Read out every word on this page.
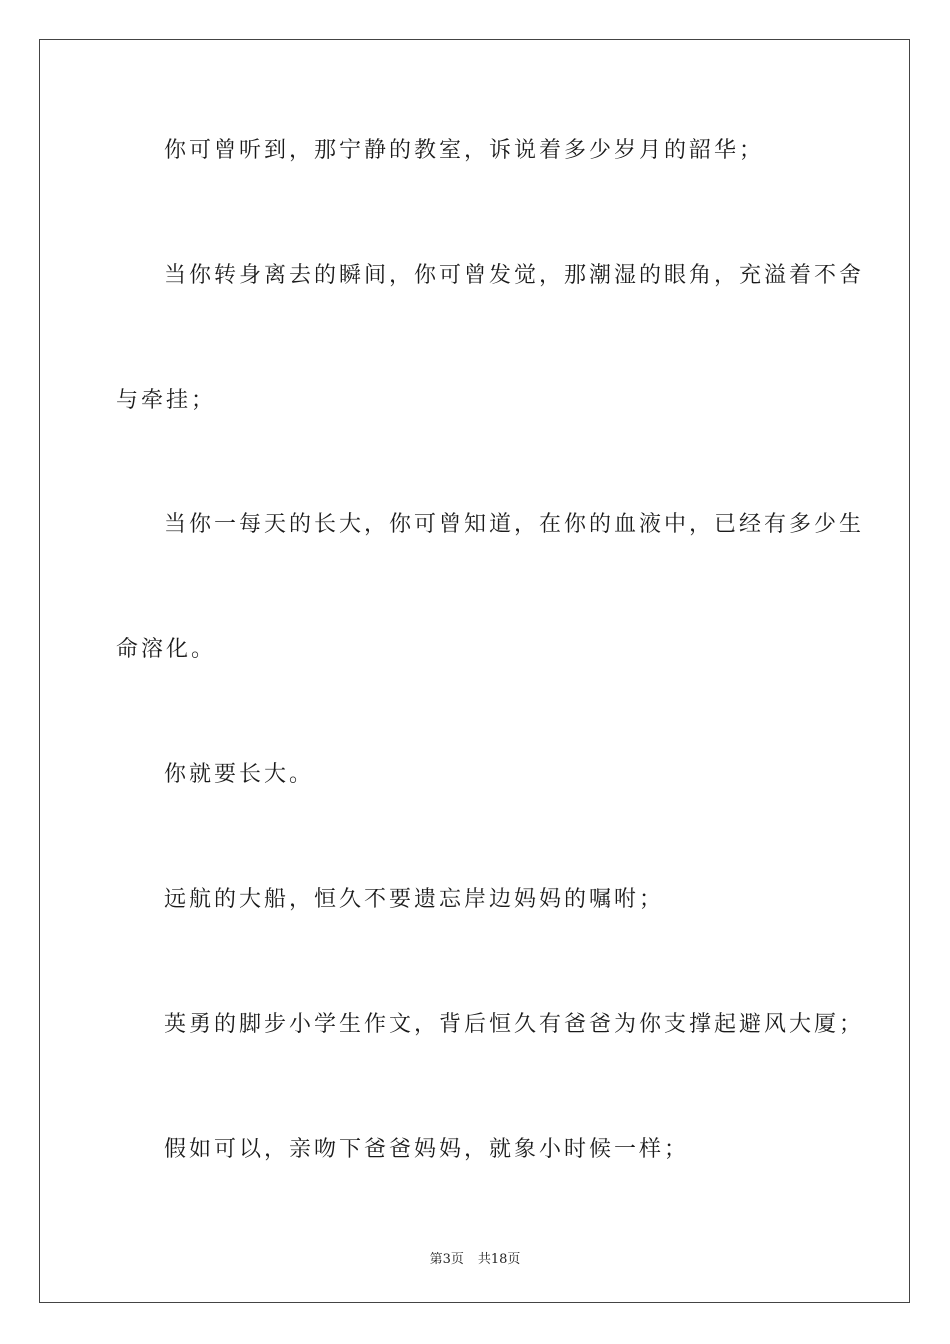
你可曾听到，那宁静的教室，诉说着多少岁月的韶华；
当你转身离去的瞬间，你可曾发觉，那潮湿的眼角，充溢着不舍
与牵挂；
当你一每天的长大，你可曾知道，在你的血液中，已经有多少生
命溶化。
你就要长大。
远航的大船，恒久不要遗忘岸边妈妈的嘱咐；
英勇的脚步小学生作文，背后恒久有爸爸为你支撑起避风大厦；
假如可以，亲吻下爸爸妈妈，就象小时候一样；
第3页 共18页
